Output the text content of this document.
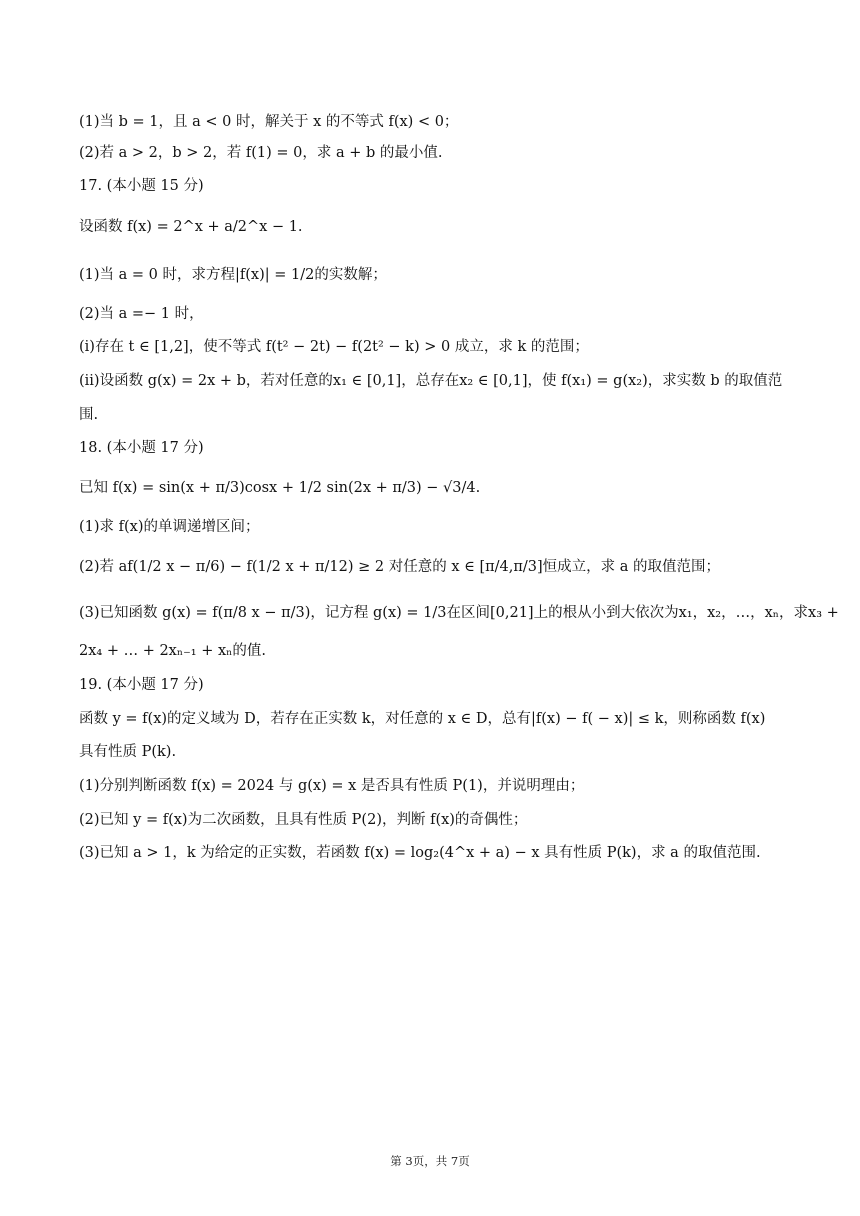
(1)当 b = 1，且 a < 0 时，解关于 x 的不等式 f(x) < 0；
(2)若 a > 2，b > 2，若 f(1) = 0，求 a + b 的最小值.
17. (本小题 15 分)
设函数 f(x) = 2^x + a/2^x − 1.
(1)当 a = 0 时，求方程|f(x)| = 1/2的实数解；
(2)当 a =− 1 时，
(ⅰ)存在 t ∈ [1,2]，使不等式 f(t² − 2t) − f(2t² − k) > 0 成立，求 k 的范围；
(ⅱ)设函数 g(x) = 2x + b，若对任意的x₁ ∈ [0,1]，总存在x₂ ∈ [0,1]，使 f(x₁) = g(x₂)，求实数 b 的取值范
围.
18. (本小题 17 分)
已知 f(x) = sin(x + π/3)cosx + 1/2 sin(2x + π/3) − √3/4.
(1)求 f(x)的单调递增区间；
(2)若 af(1/2 x − π/6) − f(1/2 x + π/12) ≥ 2 对任意的 x ∈ [π/4,π/3]恒成立，求 a 的取值范围；
(3)已知函数 g(x) = f(π/8 x − π/3)，记方程 g(x) = 1/3在区间[0,21]上的根从小到大依次为x₁，x₂，…，xₙ，求x₃ +
2x₄ + … + 2xₙ₋₁ + xₙ的值.
19. (本小题 17 分)
函数 y = f(x)的定义域为 D，若存在正实数 k，对任意的 x ∈ D，总有|f(x) − f( − x)| ≤ k，则称函数 f(x)
具有性质 P(k).
(1)分别判断函数 f(x) = 2024 与 g(x) = x 是否具有性质 P(1)，并说明理由；
(2)已知 y = f(x)为二次函数，且具有性质 P(2)，判断 f(x)的奇偶性；
(3)已知 a > 1，k 为给定的正实数，若函数 f(x) = log₂(4^x + a) − x 具有性质 P(k)，求 a 的取值范围.
第 3页，共 7页
